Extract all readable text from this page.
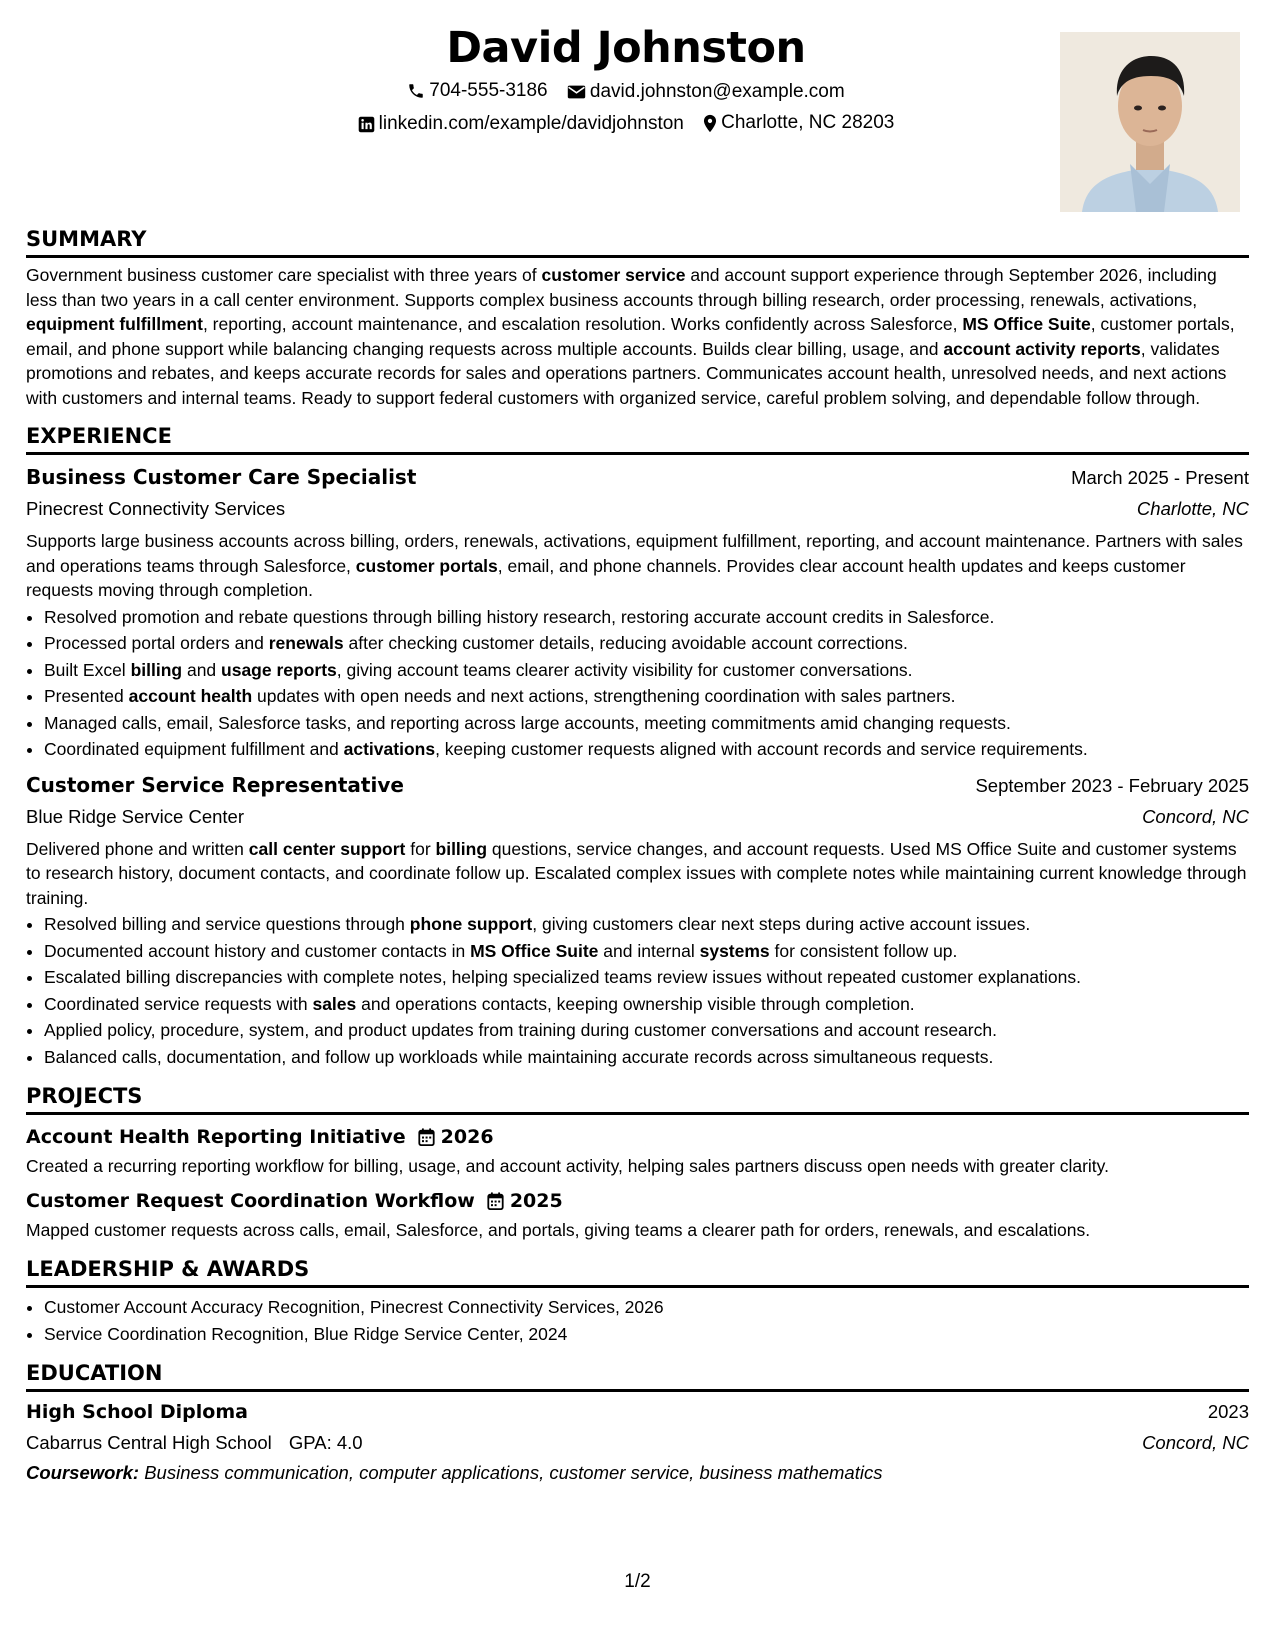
David Johnston
704-555-3186
david.johnston@example.com
linkedin.com/example/davidjohnston
Charlotte, NC 28203
SUMMARY

Government business customer care specialist with three years of customer service and account support experience through September 2026, including less than two years in a call center environment. Supports complex business accounts through billing research, order processing, renewals, activations, equipment fulfillment, reporting, account maintenance, and escalation resolution. Works confidently across Salesforce, MS Office Suite, customer portals, email, and phone support while balancing changing requests across multiple accounts. Builds clear billing, usage, and account activity reports, validates promotions and rebates, and keeps accurate records for sales and operations partners. Communicates account health, unresolved needs, and next actions with customers and internal teams. Ready to support federal customers with organized service, careful problem solving, and dependable follow through.

EXPERIENCE
Business Customer Care Specialist	March 2025 - Present
Pinecrest Connectivity Services	Charlotte, NC

Supports large business accounts across billing, orders, renewals, activations, equipment fulfillment, reporting, and account maintenance. Partners with sales and operations teams through Salesforce, customer portals, email, and phone channels. Provides clear account health updates and keeps customer requests moving through completion.

• Resolved promotion and rebate questions through billing history research, restoring accurate account credits in Salesforce.
• Processed portal orders and renewals after checking customer details, reducing avoidable account corrections.
• Built Excel billing and usage reports, giving account teams clearer activity visibility for customer conversations.
• Presented account health updates with open needs and next actions, strengthening coordination with sales partners.
• Managed calls, email, Salesforce tasks, and reporting across large accounts, meeting commitments amid changing requests.
• Coordinated equipment fulfillment and activations, keeping customer requests aligned with account records and service requirements.
Customer Service Representative	September 2023 - February 2025
Blue Ridge Service Center	Concord, NC

Delivered phone and written call center support for billing questions, service changes, and account requests. Used MS Office Suite and customer systems to research history, document contacts, and coordinate follow up. Escalated complex issues with complete notes while maintaining current knowledge through training.

• Resolved billing and service questions through phone support, giving customers clear next steps during active account issues.
• Documented account history and customer contacts in MS Office Suite and internal systems for consistent follow up.
• Escalated billing discrepancies with complete notes, helping specialized teams review issues without repeated customer explanations.
• Coordinated service requests with sales and operations contacts, keeping ownership visible through completion.
• Applied policy, procedure, system, and product updates from training during customer conversations and account research.
• Balanced calls, documentation, and follow up workloads while maintaining accurate records across simultaneous requests.
PROJECTS
Account Health Reporting Initiative 2026

Created a recurring reporting workflow for billing, usage, and account activity, helping sales partners discuss open needs with greater clarity.

Customer Request Coordination Workflow 2025

Mapped customer requests across calls, email, Salesforce, and portals, giving teams a clearer path for orders, renewals, and escalations.

LEADERSHIP & AWARDS
• Customer Account Accuracy Recognition, Pinecrest Connectivity Services, 2026
• Service Coordination Recognition, Blue Ridge Service Center, 2024
EDUCATION
High School Diploma	2023
Cabarrus Central High School GPA: 4.0	Concord, NC

Coursework: Business communication, computer applications, customer service, business mathematics

1/2
